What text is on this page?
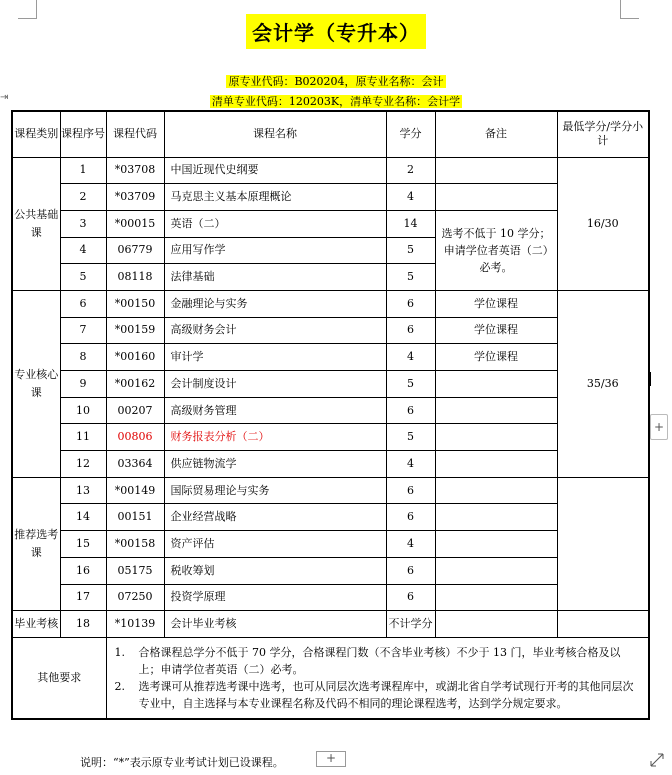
⇥
会计学（专升本）
原专业代码：B020204，原专业名称：会计
清单专业代码：120203K，清单专业名称：会计学
课程类别	课程序号	课程代码	课程名称	学分	备注	最低学分/学分小计
公共基础课	1	*03708	中国近现代史纲要	2		16/30
	2	*03709	马克思主义基本原理概论	4		
	3	*00015	英语（二）	14	选考不低于 10 学分；申请学位者英语（二）必考。	
	4	06779	应用写作学	5		
	5	08118	法律基础	5		
专业核心课	6	*00150	金融理论与实务	6	学位课程	35/36
	7	*00159	高级财务会计	6	学位课程	
	8	*00160	审计学	4	学位课程	
	9	*00162	会计制度设计	5		
	10	00207	高级财务管理	6		
	11	00806	财务报表分析（二）	5		
	12	03364	供应链物流学	4		
推荐选考课	13	*00149	国际贸易理论与实务	6		
	14	00151	企业经营战略	6		
	15	*00158	资产评估	4		
	16	05175	税收筹划	6		
	17	07250	投资学原理	6		
毕业考核	18	*10139	会计毕业考核	不计学分		
其他要求		1. 合格课程总学分不低于 70 学分，合格课程门数（不含毕业考核）不少于 13 门，毕业考核合格及以上；申请学位者英语（二）必考。
2. 选考课可从推荐选考课中选考，也可从同层次选考课程库中，或湖北省自学考试现行开考的其他同层次专业中，自主选择与本专业课程名称及代码不相同的理论课程选考，达到学分规定要求。				
+
说明：“*”表示原专业考试计划已设课程。	+
